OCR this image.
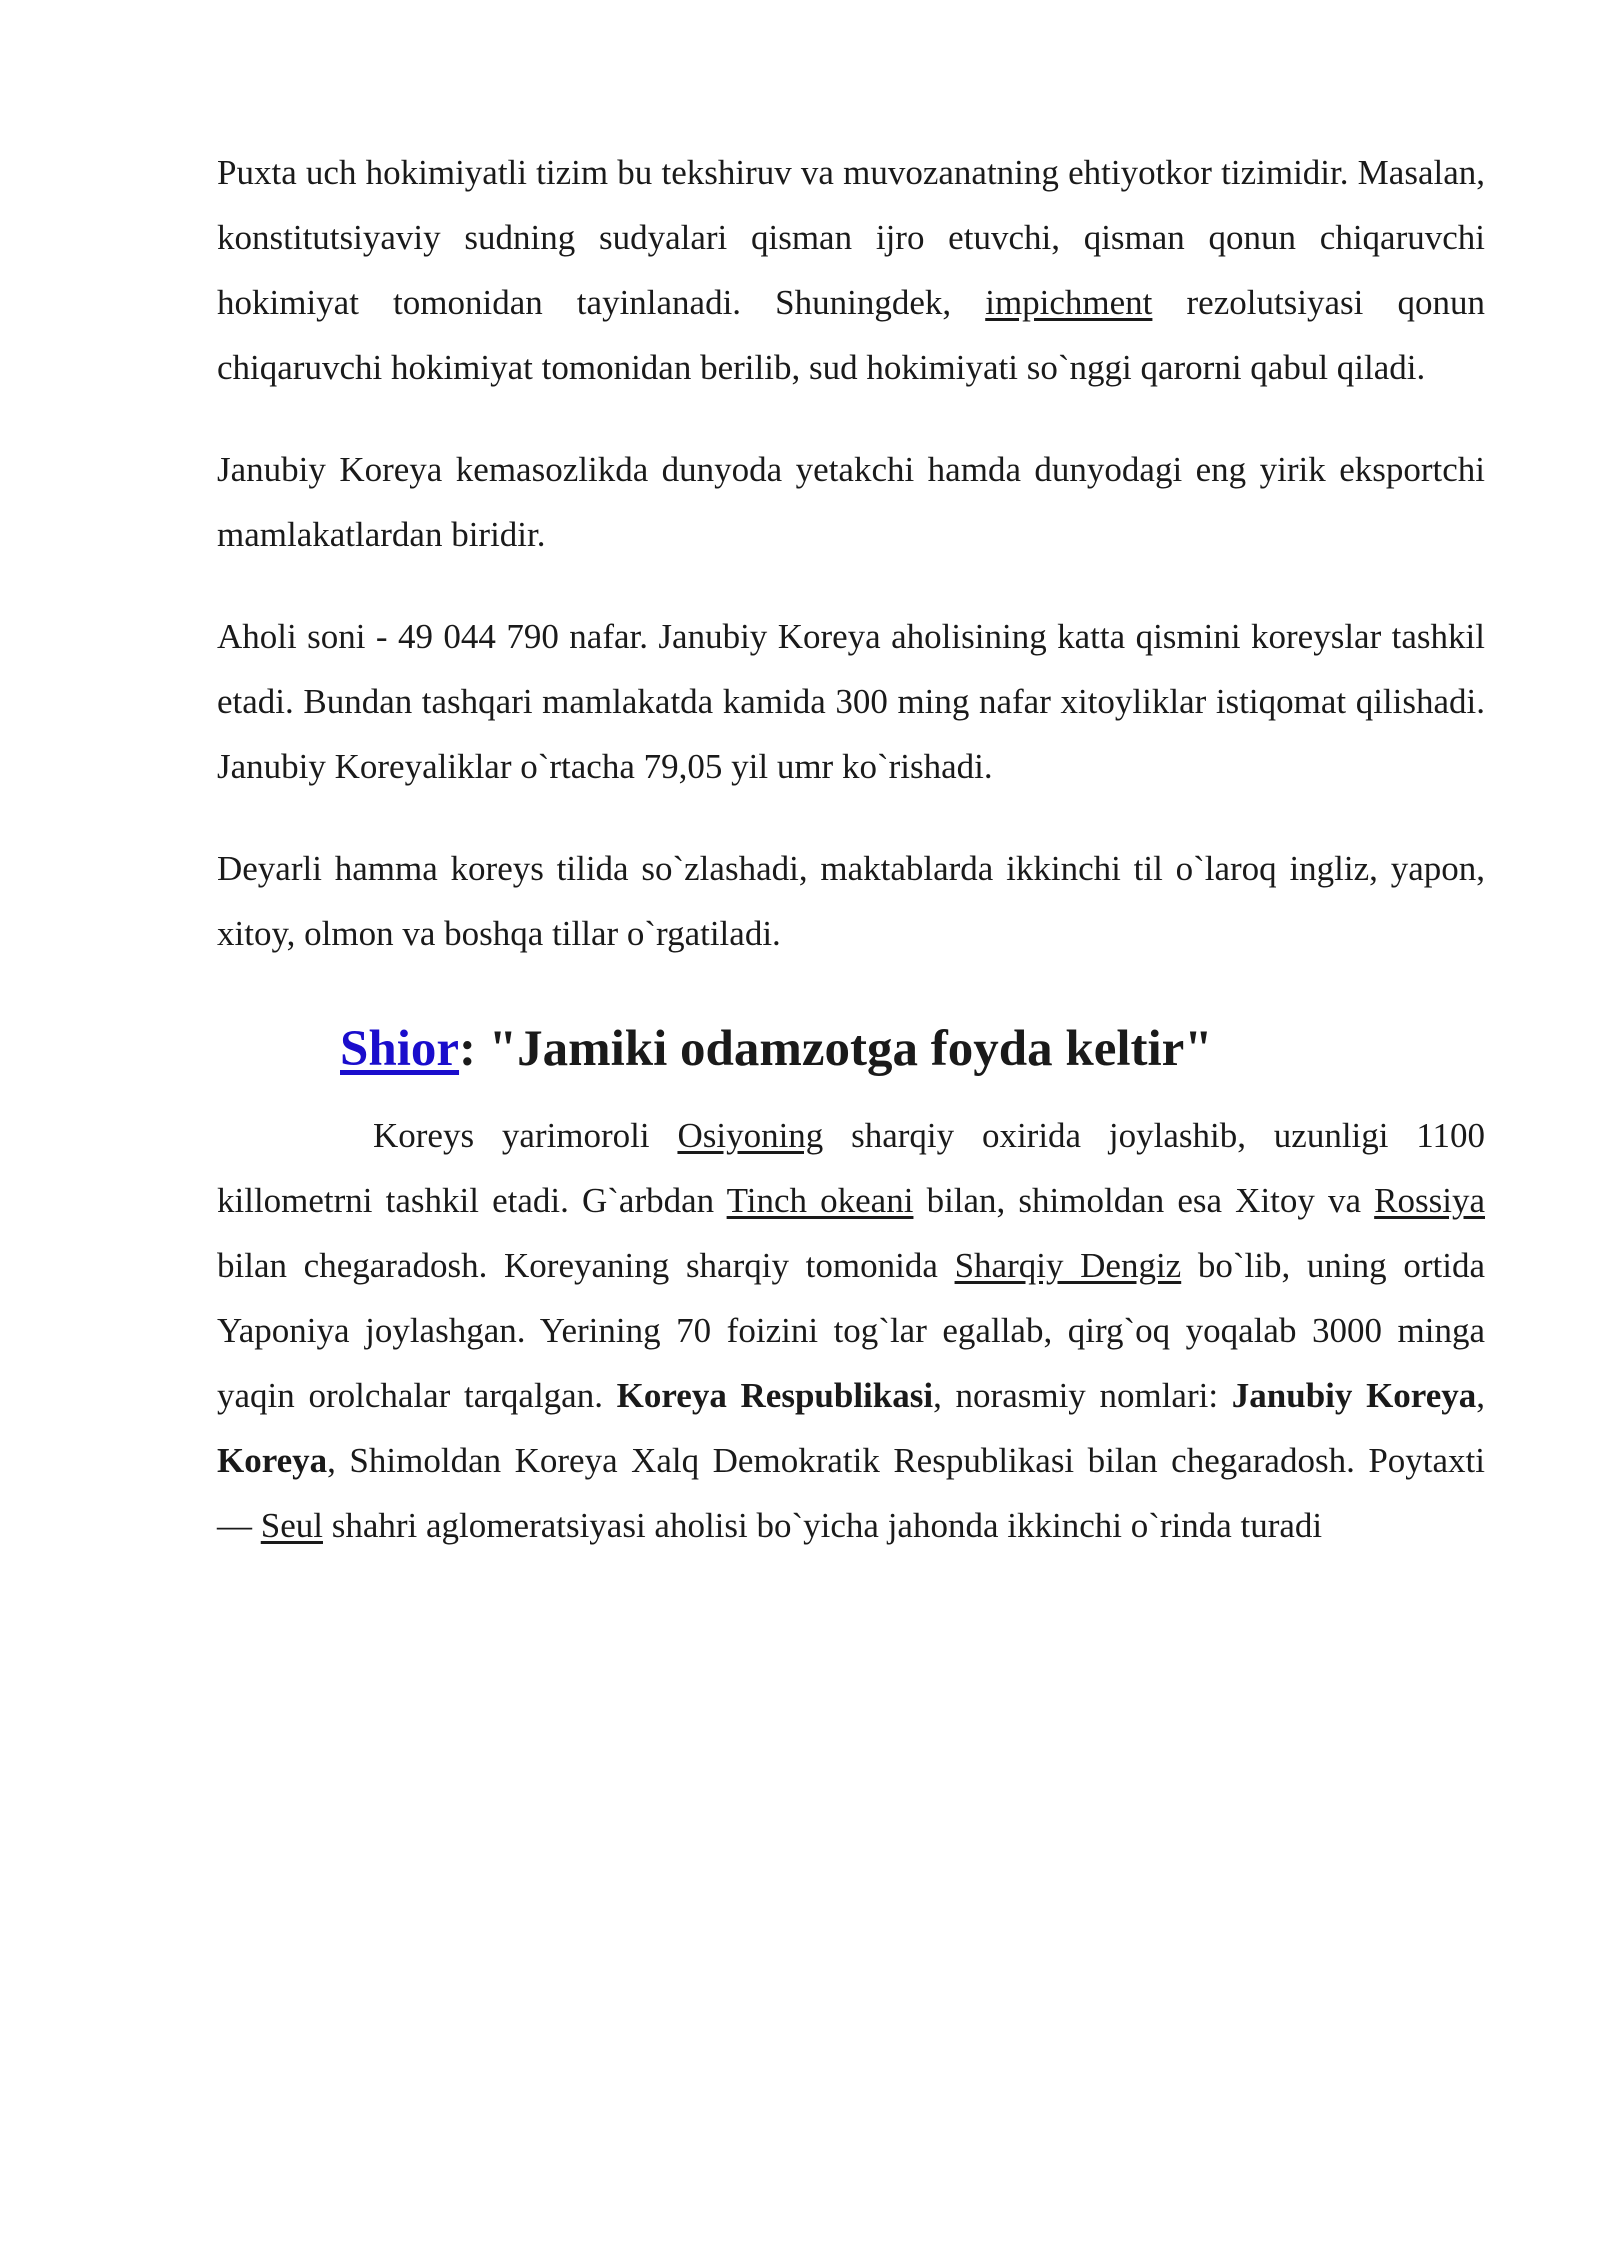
Puxta uch hokimiyatli tizim bu tekshiruv va muvozanatning ehtiyotkor tizimidir. Masalan, konstitutsiyaviy sudning sudyalari qisman ijro etuvchi, qisman qonun chiqaruvchi hokimiyat tomonidan tayinlanadi. Shuningdek, impichment rezolutsiyasi qonun chiqaruvchi hokimiyat tomonidan berilib, sud hokimiyati so`nggi qarorni qabul qiladi.

Janubiy Koreya kemasozlikda dunyoda yetakchi hamda dunyodagi eng yirik eksportchi mamlakatlardan biridir.

Aholi soni - 49 044 790 nafar. Janubiy Koreya aholisining katta qismini koreyslar tashkil etadi. Bundan tashqari mamlakatda kamida 300 ming nafar xitoyliklar istiqomat qilishadi. Janubiy Koreyaliklar o`rtacha 79,05 yil umr ko`rishadi.

Deyarli hamma koreys tilida so`zlashadi, maktablarda ikkinchi til o`laroq ingliz, yapon, xitoy, olmon va boshqa tillar o`rgatiladi.

Shior: "Jamiki odamzotga foyda keltir"

Koreys yarimoroli Osiyoning sharqiy oxirida joylashib, uzunligi 1100 killometrni tashkil etadi. G`arbdan Tinch okeani bilan, shimoldan esa Xitoy va Rossiya bilan chegaradosh. Koreyaning sharqiy tomonida Sharqiy Dengiz bo`lib, uning ortida Yaponiya joylashgan. Yerining 70 foizini tog`lar egallab, qirg`oq yoqalab 3000 minga yaqin orolchalar tarqalgan. Koreya Respublikasi, norasmiy nomlari: Janubiy Koreya, Koreya, Shimoldan Koreya Xalq Demokratik Respublikasi bilan chegaradosh. Poytaxti — Seul shahri aglomeratsiyasi aholisi bo`yicha jahonda ikkinchi o`rinda turadi
